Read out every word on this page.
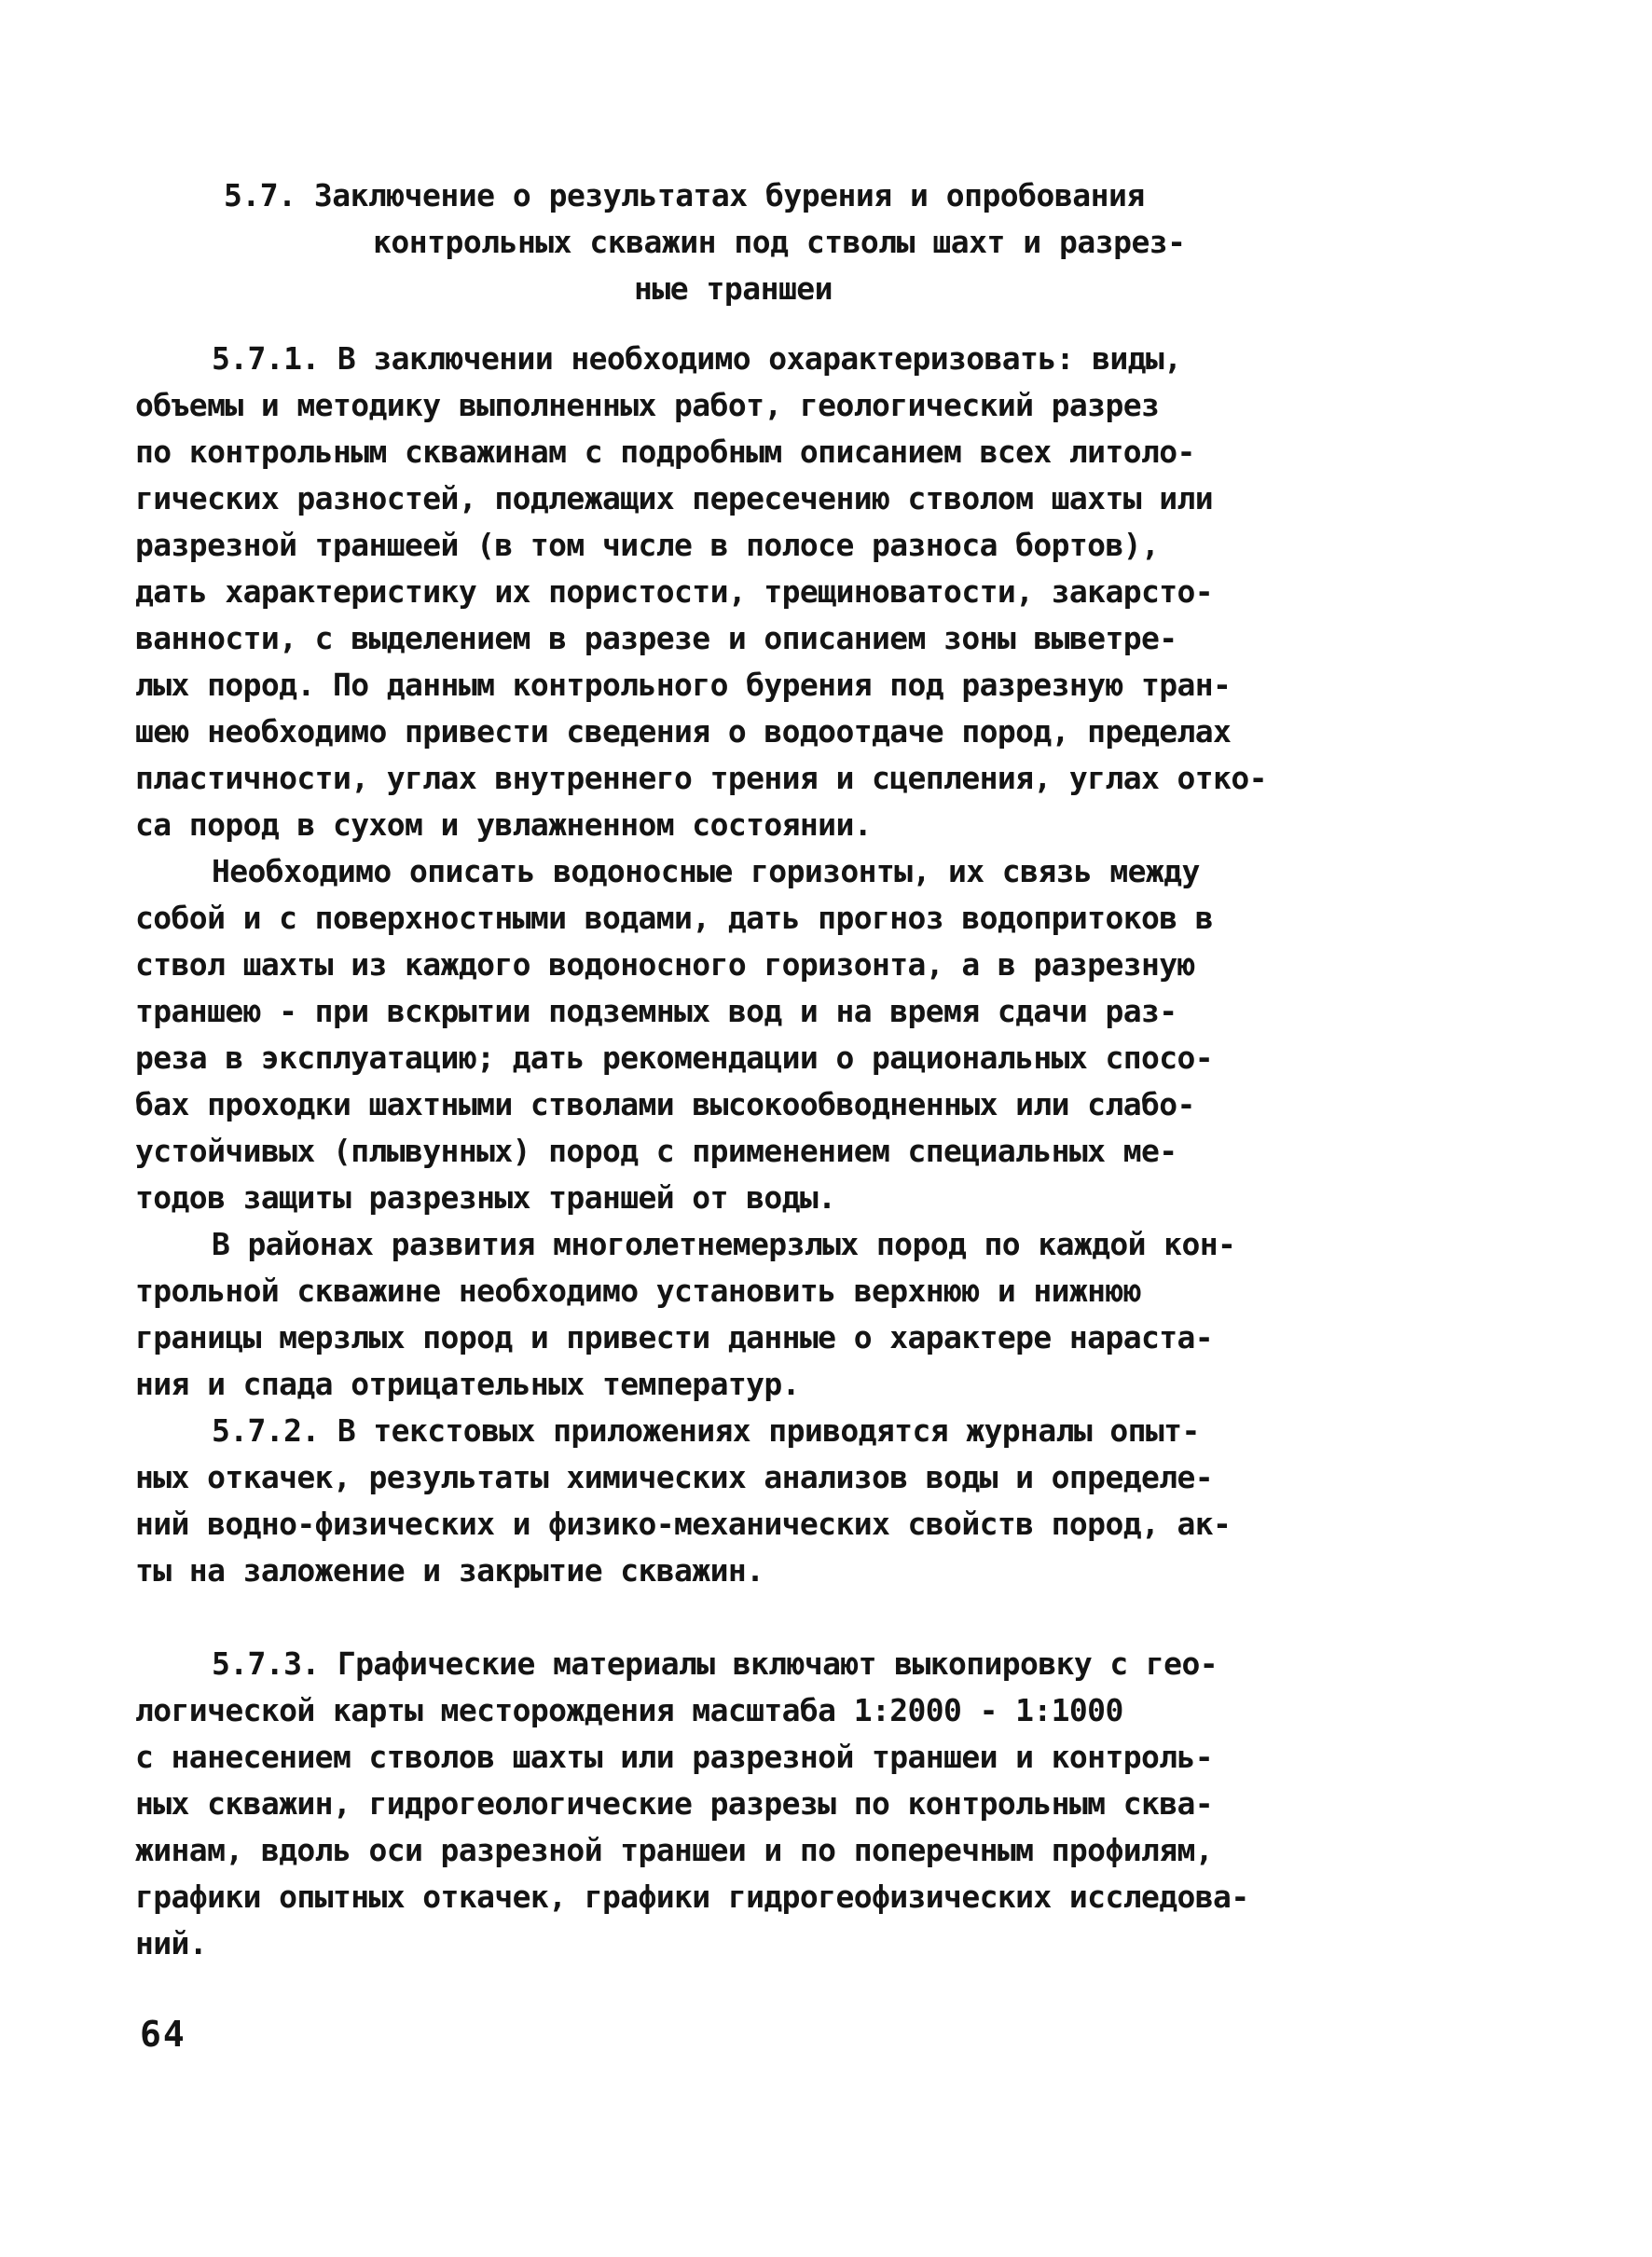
5.7. Заключение о результатах бурения и опробования
контрольных скважин под стволы шахт и разрез-
ные траншеи
5.7.1. В заключении необходимо охарактеризовать: виды,
объемы и методику выполненных работ, геологический разрез
по контрольным скважинам с подробным описанием всех литоло-
гических разностей, подлежащих пересечению стволом шахты или
разрезной траншеей (в том числе в полосе разноса бортов),
дать характеристику их пористости, трещиноватости, закарсто-
ванности, с выделением в разрезе и описанием зоны выветре-
лых пород. По данным контрольного бурения под разрезную тран-
шею необходимо привести сведения о водоотдаче пород, пределах
пластичности, углах внутреннего трения и сцепления, углах отко-
са пород в сухом и увлажненном состоянии.
Необходимо описать водоносные горизонты, их связь между
собой и с поверхностными водами, дать прогноз водопритоков в
ствол шахты из каждого водоносного горизонта, а в разрезную
траншею - при вскрытии подземных вод и на время сдачи раз-
реза в эксплуатацию; дать рекомендации о рациональных спосо-
бах проходки шахтными стволами высокообводненных или слабо-
устойчивых (плывунных) пород с применением специальных ме-
тодов защиты разрезных траншей от воды.
В районах развития многолетнемерзлых пород по каждой кон-
трольной скважине необходимо установить верхнюю и нижнюю
границы мерзлых пород и привести данные о характере нараста-
ния и спада отрицательных температур.
5.7.2. В текстовых приложениях приводятся журналы опыт-
ных откачек, результаты химических анализов воды и определе-
ний водно-физических и физико-механических свойств пород, ак-
ты на заложение и закрытие скважин.
5.7.3. Графические материалы включают выкопировку с гео-
логической карты месторождения масштаба 1:2000 - 1:1000
с нанесением стволов шахты или разрезной траншеи и контроль-
ных скважин, гидрогеологические разрезы по контрольным сква-
жинам, вдоль оси разрезной траншеи и по поперечным профилям,
графики опытных откачек, графики гидрогеофизических исследова-
ний.
64
